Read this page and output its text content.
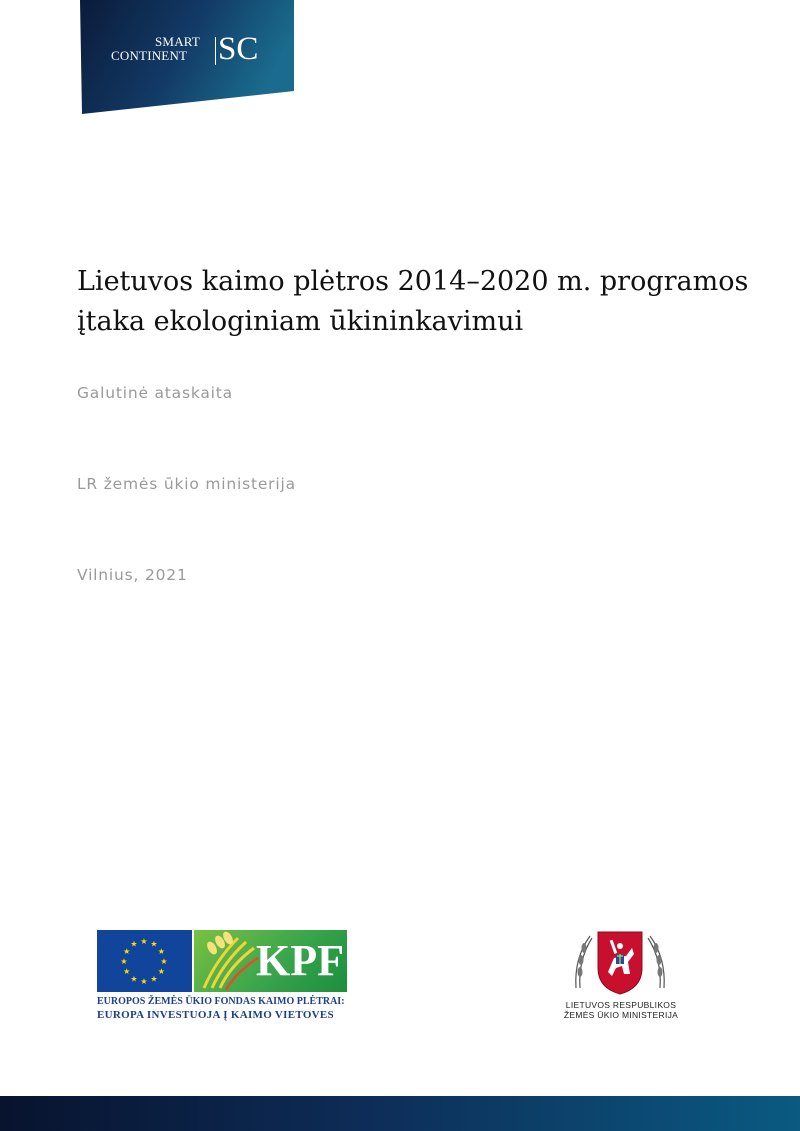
SMART
CONTINENT SC
Lietuvos kaimo plėtros 2014–2020 m. programos
įtaka ekologiniam ūkininkavimui
Galutinė ataskaita
LR žemės ūkio ministerija
Vilnius, 2021
★ ★
★
★
★
★
★
★
★
★
★
★	KPF
EUROPOS ŽEMĖS ŪKIO FONDAS KAIMO PLĖTRAI:
EUROPA INVESTUOJA Į KAIMO VIETOVES
LIETUVOS RESPUBLIKOS
ŽEMĖS ŪKIO MINISTERIJA
